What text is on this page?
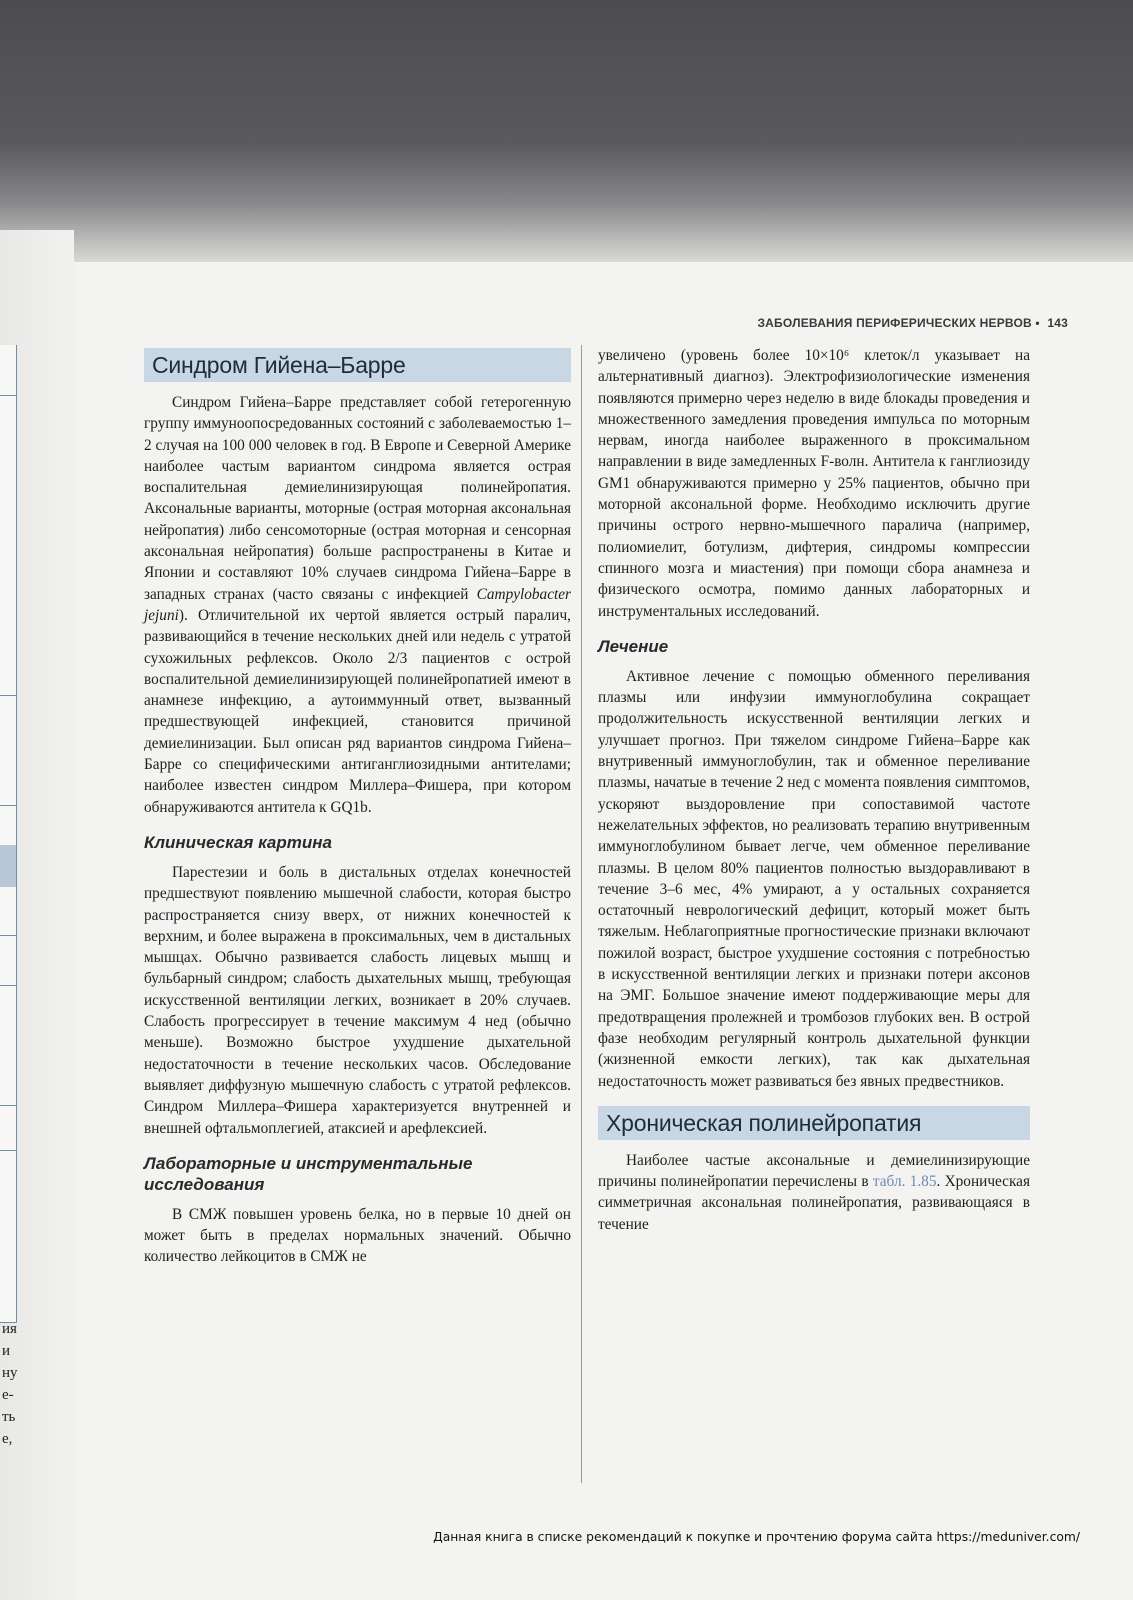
ия
и
ну
е-
ть
е,
ЗАБОЛЕВАНИЯ ПЕРИФЕРИЧЕСКИХ НЕРВОВ • 143
Синдром Гийена–Барре

Синдром Гийена–Барре представляет собой гетерогенную группу иммуноопосредованных состояний с заболеваемостью 1–2 случая на 100 000 человек в год. В Европе и Северной Америке наиболее частым вариантом синдрома является острая воспалительная демиелинизирующая полинейропатия. Аксональные варианты, моторные (острая моторная аксональная нейропатия) либо сенсомоторные (острая моторная и сенсорная аксональная нейропатия) больше распространены в Китае и Японии и составляют 10% случаев синдрома Гийена–Барре в западных странах (часто связаны с инфекцией Campylobacter jejuni). Отличительной их чертой является острый паралич, развивающийся в течение нескольких дней или недель с утратой сухожильных рефлексов. Около 2/3 пациентов с острой воспалительной демиелинизирующей полинейропатией имеют в анамнезе инфекцию, а аутоиммунный ответ, вызванный предшествующей инфекцией, становится причиной демиелинизации. Был описан ряд вариантов синдрома Гийена–Барре со специфическими антиганглиозидными антителами; наиболее известен синдром Миллера–Фишера, при котором обнаруживаются антитела к GQ1b.

Клиническая картина

Парестезии и боль в дистальных отделах конечностей предшествуют появлению мышечной слабости, которая быстро распространяется снизу вверх, от нижних конечностей к верхним, и более выражена в проксимальных, чем в дистальных мышцах. Обычно развивается слабость лицевых мышц и бульбарный синдром; слабость дыхательных мышц, требующая искусственной вентиляции легких, возникает в 20% случаев. Слабость прогрессирует в течение максимум 4 нед (обычно меньше). Возможно быстрое ухудшение дыхательной недостаточности в течение нескольких часов. Обследование выявляет диффузную мышечную слабость с утратой рефлексов. Синдром Миллера–Фишера характеризуется внутренней и внешней офтальмоплегией, атаксией и арефлексией.

Лабораторные и инструментальные исследования

В СМЖ повышен уровень белка, но в первые 10 дней он может быть в пределах нормальных значений. Обычно количество лейкоцитов в СМЖ не

увеличено (уровень более 10×10⁶ клеток/л указывает на альтернативный диагноз). Электрофизиологические изменения появляются примерно через неделю в виде блокады проведения и множественного замедления проведения импульса по моторным нервам, иногда наиболее выраженного в проксимальном направлении в виде замедленных F-волн. Антитела к ганглиозиду GM1 обнаруживаются примерно у 25% пациентов, обычно при моторной аксональной форме. Необходимо исключить другие причины острого нервно-мышечного паралича (например, полиомиелит, ботулизм, дифтерия, синдромы компрессии спинного мозга и миастения) при помощи сбора анамнеза и физического осмотра, помимо данных лабораторных и инструментальных исследований.

Лечение

Активное лечение с помощью обменного переливания плазмы или инфузии иммуноглобулина сокращает продолжительность искусственной вентиляции легких и улучшает прогноз. При тяжелом синдроме Гийена–Барре как внутривенный иммуноглобулин, так и обменное переливание плазмы, начатые в течение 2 нед с момента появления симптомов, ускоряют выздоровление при сопоставимой частоте нежелательных эффектов, но реализовать терапию внутривенным иммуноглобулином бывает легче, чем обменное переливание плазмы. В целом 80% пациентов полностью выздоравливают в течение 3–6 мес, 4% умирают, а у остальных сохраняется остаточный неврологический дефицит, который может быть тяжелым. Неблагоприятные прогностические признаки включают пожилой возраст, быстрое ухудшение состояния с потребностью в искусственной вентиляции легких и признаки потери аксонов на ЭМГ. Большое значение имеют поддерживающие меры для предотвращения пролежней и тромбозов глубоких вен. В острой фазе необходим регулярный контроль дыхательной функции (жизненной емкости легких), так как дыхательная недостаточность может развиваться без явных предвестников.

Хроническая полинейропатия

Наиболее частые аксональные и демиелинизирующие причины полинейропатии перечислены в табл. 1.85. Хроническая симметричная аксональная полинейропатия, развивающаяся в течение

Данная книга в списке рекомендаций к покупке и прочтению форума сайта https://meduniver.com/
